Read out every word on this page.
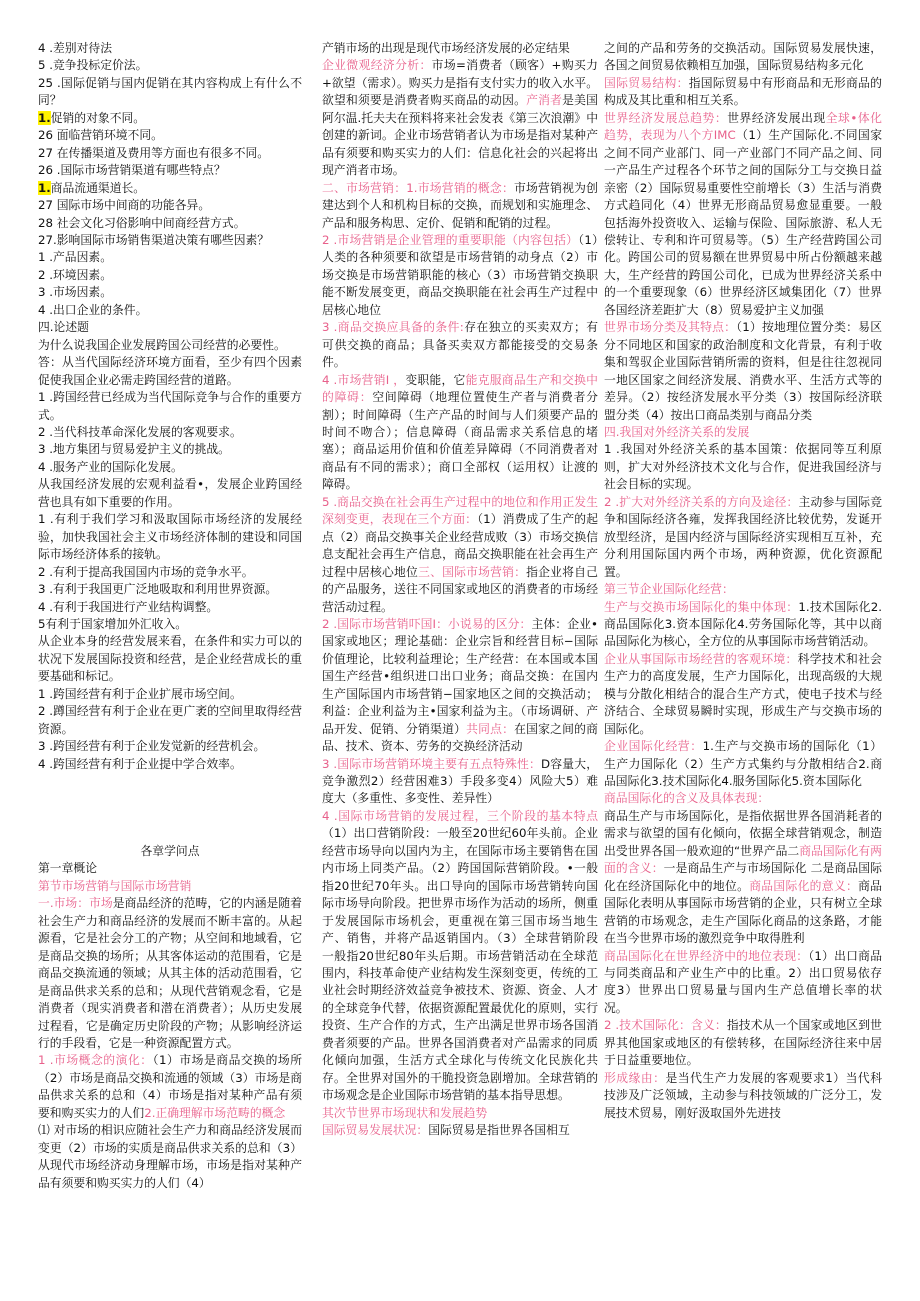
4 .差别对待法

5 .竞争投标定价法。

25 .国际促销与国内促销在其内容构成上有什么不同？

1.促销的对象不同。

26 面临营销环境不同。

27 在传播渠道及费用等方面也有很多不同。

26 .国际市场营销渠道有哪些特点？

1.商品流通渠道长。

27 国际市场中间商的功能各异。

28 社会文化习俗影响中间商经营方式。

27.影响国际市场销售渠道决策有哪些因素？

1 .产品因素。

2 .环境因素。

3 .市场因素。

4 .出口企业的条件。

四.论述题

为什么说我国企业发展跨国公司经营的必要性。

答：从当代国际经济环境方面看，至少有四个因素促使我国企业必需走跨国经营的道路。

1 .跨国经营已经成为当代国际竞争与合作的重要方式。

2 .当代科技革命深化发展的客观要求。

3 .地方集团与贸易爱护主义的挑战。

4 .服务产业的国际化发展。

从我国经济发展的宏观利益看•，发展企业跨国经营也具有如下重要的作用。

1 .有利于我们学习和汲取国际市场经济的发展经验，加快我国社会主义市场经济体制的建设和同国际市场经济体系的接轨。

2 .有利于提高我国国内市场的竞争水平。

3 .有利于我国更广泛地吸取和利用世界资源。

4 .有利于我国进行产业结构调整。

5有利于国家增加外汇收入。

从企业本身的经营发展来看，在条件和实力可以的状况下发展国际投资和经营，是企业经营成长的重要基础和标记。

1 .跨国经营有利于企业扩展市场空间。

2 .蹲国经营有利于企业在更广袤的空间里取得经营资源。

3 .跨国经营有利于企业发觉新的经营机会。

4 .跨国经营有利于企业提中学合效率。

各章学问点

第一章概论

第节市场营销与国际市场营销

一.市场：市场是商品经济的范畴，它的内涵是随着社会生产力和商品经济的发展而不断丰富的。从起源看，它是社会分工的产物；从空间和地域看，它是商品交换的场所；从其客体运动的范围看，它是商品交换流通的领域；从其主体的活动范围看，它是商品供求关系的总和；从现代营销观念看，它是消费者（现实消费者和潜在消费者）；从历史发展过程看，它是确定历史阶段的产物；从影响经济运行的手段看，它是一种资源配置方式。

1 .市场概念的演化：（1）市场是商品交换的场所（2）市场是商品交换和流通的领域（3）市场是商品供求关系的总和（4）市场是指对某种产品有须要和购买实力的人们2.正确理解市场范畴的概念

⑴ 对市场的相识应随社会生产力和商品经济发展而变更（2）市场的实质是商品供求关系的总和（3）从现代市场经济动身理解市场，市场是指对某种产品有须要和购买实力的人们（4）

产销市场的出现是现代市场经济发展的必定结果

企业微观经济分析：市场=消费者（顾客）+购买力+欲望（需求）。购买力是指有支付实力的收入水平。欲望和须要是消费者购买商品的动因。产消者是美国阿尔温.托夫夫在预料将来社会发表《第三次浪潮》中创建的新词。企业市场营销者认为市场是指对某种产品有须要和购买实力的人们：信息化社会的兴起将出现产消者市场。

二、市场营销：1.市场营销的概念：市场营销视为创建达到个人和机构目标的交换，而规划和实施理念、产品和服务构思、定价、促销和配销的过程。

2 .市场营销是企业管理的重要职能（内容包括）（1）人类的各种须要和欲望是市场营销的动身点（2）市场交换是市场营销职能的核心（3）市场营销交换职能不断发展变更，商品交换职能在社会再生产过程中居核心地位

3 .商品交换应具备的条件:存在独立的买卖双方；有可供交换的商品；具备买卖双方都能接受的交易条件。

4 .市场营销I ，变职能，它能克服商品生产和交换中的障碍：空间障碍（地理位置使生产者与消费者分割）；时间障碍（生产产品的时间与人们须要产品的时间不吻合）；信息障碍（商品需求关系信息的堵塞）；商品运用价值和价值差异障碍（不同消费者对商品有不同的需求）；商口全部权（运用权）让渡的障碍。

5 .商品交换在社会再生产过程中的地位和作用正发生深刻变更，表现在三个方面：（1）消费成了生产的起点（2）商品交换事关企业经营成败（3）市场交换信息支配社会再生产信息，商品交换职能在社会再生产过程中居核心地位三、国际市场营销：指企业将自己的产品服务，送往不同国家或地区的消费者的市场经营活动过程。

2 .国际市场营销吓国I：小说易的区分：主体：企业•国家或地区；理论基础：企业宗旨和经营目标−国际价值理论，比较利益理论；生产经营：在本国或本国国生产经营•组织进口出口业务；商品交换：在国内生产国际国内市场营销−国家地区之间的交换活动；利益：企业利益为主•国家利益为主。（市场调研、产品开发、促销、分销渠道）共同点：在国家之间的商品、技术、资本、劳务的交换经济活动

3 .国际市场营销环境主要有五点特殊性：D容量大，竞争激烈2）经营困难3）手段多变4）风险大5）难度大（多重性、多变性、差异性）

4 .国际市场营销的发展过程，三个阶段的基本特点（1）出口营销阶段：一般至20世纪60年头前。企业经营市场导向以国内为主，在国际市场主要销售在国内市场上同类产品。（2）跨国国际营销阶段。•一般指20世纪70年头。出口导向的国际市场营销转向国际市场导向阶段。把世界市场作为活动的场所，侧重于发展国际市场机会，更重视在第三国市场当地生产、销售，并将产品返销国内。（3）全球营销阶段 一般指20世纪80年头后期。市场营销活动在全球范围内，科技革命使产业结构发生深刻变更，传统的工业社会时期经济效益竞争被技术、资源、资金、人才的全球竞争代替，依据资源配置最优化的原则，实行投资、生产合作的方式，生产出满足世界市场各国消费者须要的产品。世界各国消费者对产品需求的同质化倾向加强，生活方式全球化与传统文化民族化共存。全世界对国外的干脆投资急剧增加。全球营销的市场观念是企业国际市场营销的基本指导思想。

其次节世界市场现状和发展趋势

国际贸易发展状况：国际贸易是指世界各国相互

之间的产品和劳务的交换活动。国际贸易发展快速，各国之间贸易依赖相互加强，国际贸易结构多元化

国际贸易结构：指国际贸易中有形商品和无形商品的构成及其比重和相互关系。

世界经济发展总趋势：世界经济发展出现全球•体化趋势，表现为八个方IMC（1）生产国际化.不同国家之间不同产业部门、同一产业部门不同产品之间、同一产品生产过程各个环节之间的国际分工与交换日益亲密（2）国际贸易重要性空前增长（3）生活与消费方式趋同化（4）世界无形商品贸易愈显重要。一般包括海外投资收入、运输与保险、国际旅游、私人无偿转让、专利和许可贸易等。（5）生产经营跨国公司化。跨国公司的贸易额在世界贸易中所占份额越来越大，生产经营的跨国公司化，已成为世界经济关系中的一个重要现象（6）世界经济区域集团化（7）世界各国经济差距扩大（8）贸易爱护主义加强

世界市场分类及其特点：（1）按地理位置分类：易区分不同地区和国家的政治制度和文化背景，有利于收集和驾驭企业国际营销所需的资料，但是往往忽视同一地区国家之间经济发展、消费水平、生活方式等的差异。（2）按经济发展水平分类（3）按国际经济联盟分类（4）按出口商品类别与商品分类

四.我国对外经济关系的发展

1 .我国对外经济关系的基本国策：依据同等互利原则，扩大对外经济技术文化与合作，促进我国经济与社会目标的实现。

2 .扩大对外经济关系的方向及途径：主动参与国际竞争和国际经济各雍，发挥我国经济比较优势，发诞开放型经济，是国内经济与国际经济实现相互互补，充分利用国际国内两个市场，两种资源，优化资源配置。

第三节企业国际化经营：

生产与交换市场国际化的集中体现：1.技术国际化2.商品国际化3.资本国际化4.劳务国际化等，其中以商品国际化为核心，全方位的从事国际市场营销活动。

企业从事国际市场经营的客观环境：科学技术和社会生产力的高度发展，生产力国际化，出现高级的大规模与分散化相结合的混合生产方式，使电子技术与经济结合、全球贸易瞬时实现，形成生产与交换市场的国际化。

企业国际化经营：1.生产与交换市场的国际化（1）生产力国际化（2）生产方式集约与分散相结合2.商品国际化3.技术国际化4.服务国际化5.资本国际化

商品国际化的含义及具体表现：

商品生产与市场国际化，是指依据世界各国消耗者的需求与欲望的国有化倾向，依据全球营销观念，制造出受世界各国一般欢迎的“世界产品二商品国际化有两面的含义：一是商品生产与市场国际化 二是商品国际化在经济国际化中的地位。商品国际化的意义：商品国际化表明从事国际市场营销的企业，只有树立全球营销的市场观念，走生产国际化商品的这条路，才能在当今世界市场的激烈竞争中取得胜利

商品国际化在世界经济中的地位表现：（1）出口商品与同类商品和产业生产中的比重。2）出口贸易依存度3）世界出口贸易量与国内生产总值增长率的状况。

2 .技术国际化：含义：指技术从一个国家或地区到世界其他国家或地区的有偿转移，在国际经济往来中居于日益重要地位。

形成缘由：是当代生产力发展的客观要求1）当代科技涉及广泛领域，主动参与科技领域的广泛分工，发展技术贸易，刚好汲取国外先进技
